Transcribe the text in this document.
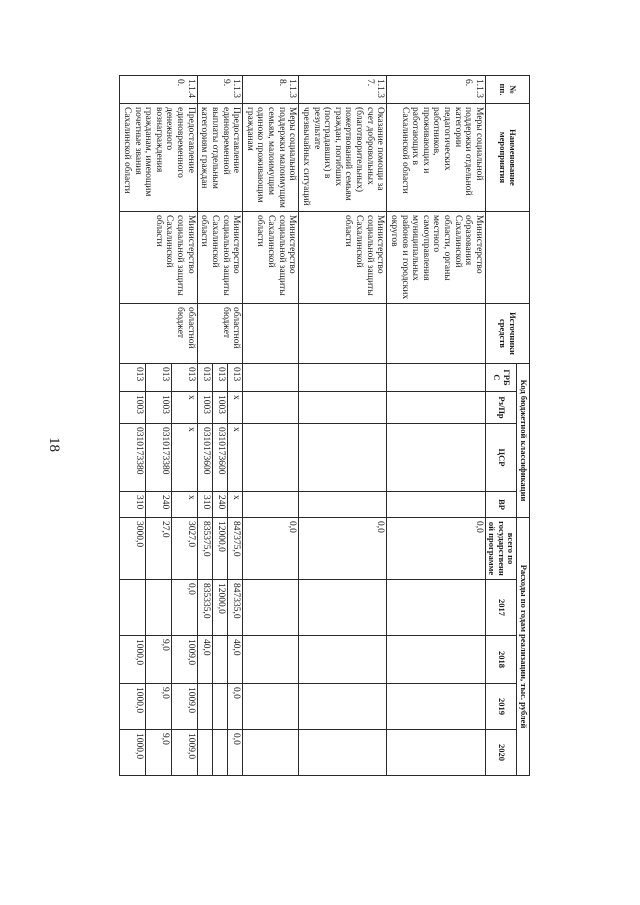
18
№ пп.	Наименование мероприятия		Источники средств	Код бюджетной классификации				Расходы по годам реализации, тыс. рублей				
				ГРБС	Рз/Пр	ЦСР	ВР	всего по государственной программе	2017	2018	2019	2020
1.1.36.	Меры социальной поддержки отдельной категории педагогических работников, проживающих и работающих в Сахалинской области	Министерство образования Сахалинской области, органы местного самоуправления муниципальных районов и городских округов						0,0				
1.1.37.	Оказание помощи за счет добровольных (благотворительных) пожертвований семьям граждан, погибших (пострадавших) в результате чрезвычайных ситуаций	Министерство социальной защиты Сахалинской области						0,0				
1.1.38.	Меры социальной поддержки малоимущим семьям, малоимущим одиноко проживающим гражданам	Министерство социальной защиты Сахалинской области						0,0				
1.1.39.	Предоставление единовременной выплаты отдельным категориям граждан	Министерство социальной защиты Сахалинской области	областной бюджет	013	x	x	x	847375,0	847335,0	40,0	0,0	0,0
				013	1003	0310173600	240	12000,0	12000,0			
				013	1003	0310173600	310	835375,0	835335,0	40,0		
1.1.40.	Предоставление единовременного денежного вознаграждения гражданам, имеющим почетные звания Сахалинской области	Министерство социальной защиты Сахалинской области	областной бюджет	013	x	x	x	3027,0	0,0	1009,0	1009,0	1009,0
				013	1003	0310173380	240	27,0		9,0	9,0	9,0
				013	1003	0310173380	310	3000,0		1000,0	1000,0	1000,0
